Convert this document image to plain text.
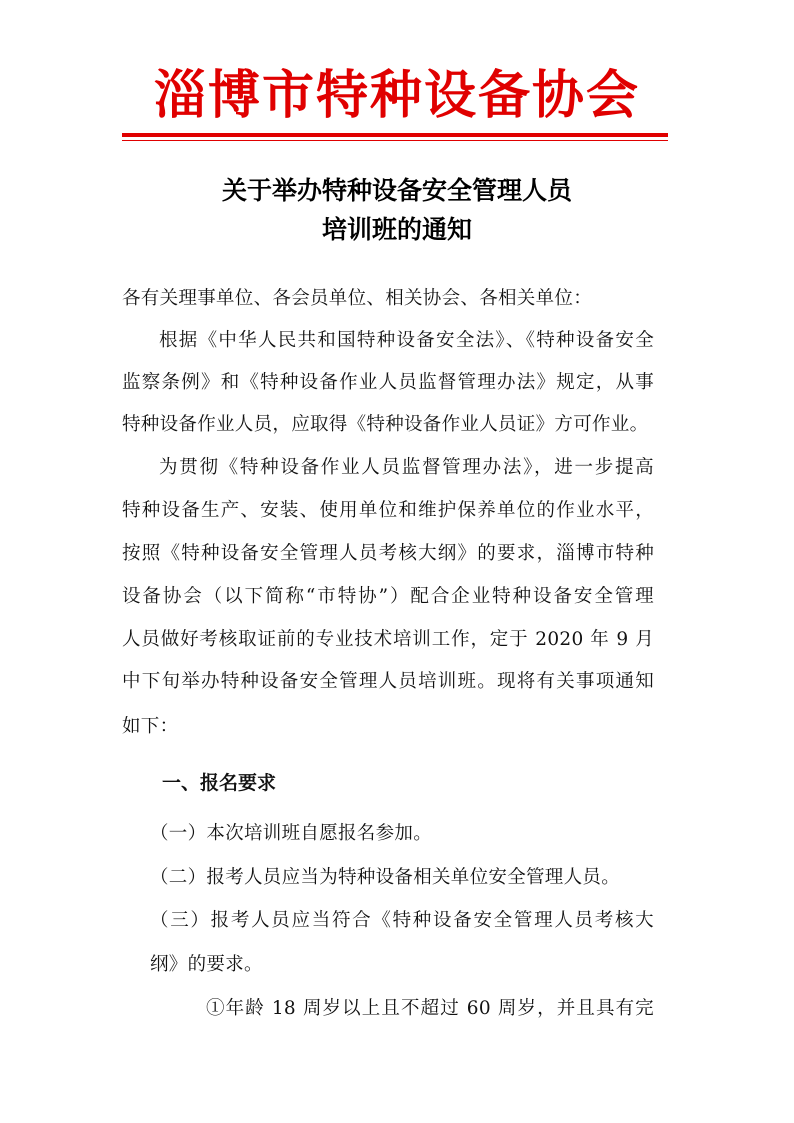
淄博市特种设备协会
关于举办特种设备安全管理人员
培训班的通知
各有关理事单位、各会员单位、相关协会、各相关单位：
根据《中华人民共和国特种设备安全法》、《特种设备安全
监察条例》和《特种设备作业人员监督管理办法》规定，从事
特种设备作业人员，应取得《特种设备作业人员证》方可作业。
为贯彻《特种设备作业人员监督管理办法》，进一步提高
特种设备生产、安装、使用单位和维护保养单位的作业水平，
按照《特种设备安全管理人员考核大纲》的要求，淄博市特种
设备协会（以下简称“市特协”）配合企业特种设备安全管理
人员做好考核取证前的专业技术培训工作，定于 2020 年 9 月
中下旬举办特种设备安全管理人员培训班。现将有关事项通知
如下：
一、报名要求
（一）本次培训班自愿报名参加。
（二）报考人员应当为特种设备相关单位安全管理人员。
（三）报考人员应当符合《特种设备安全管理人员考核大
纲》的要求。
①年龄 18 周岁以上且不超过 60 周岁，并且具有完
